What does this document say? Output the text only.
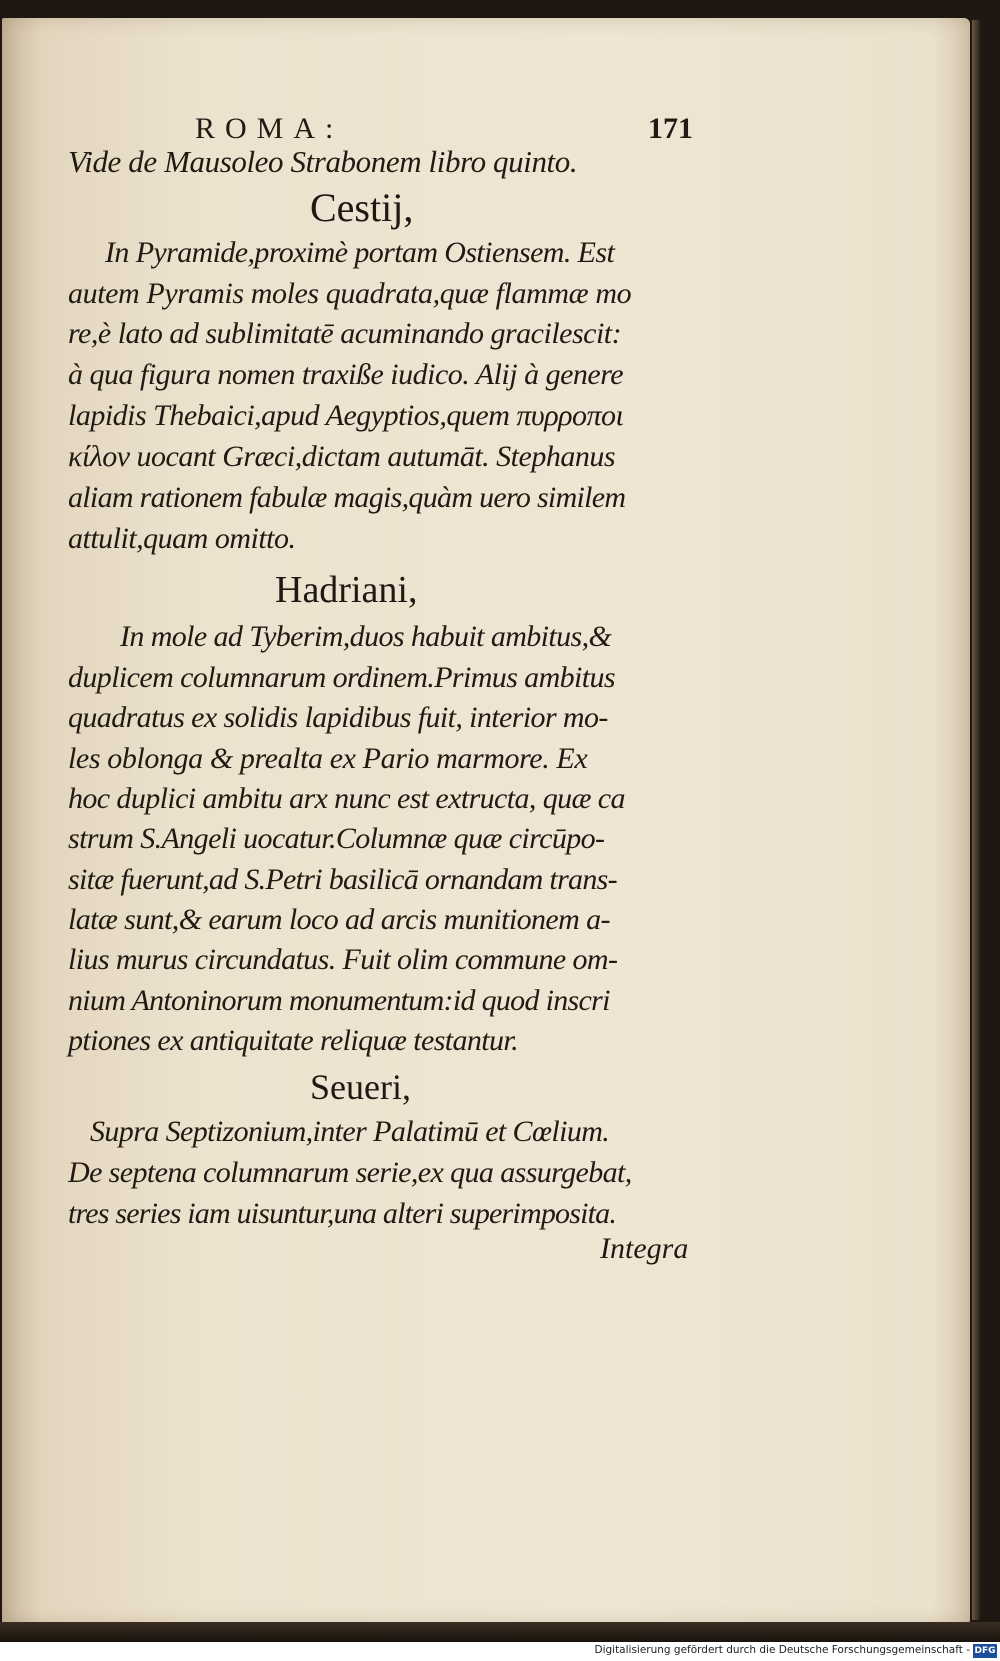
ROMA:	171
Vide de Mausoleo Strabonem libro quinto.
Cestij,
In Pyramide,proximè portam Ostiensem. Est
autem Pyramis moles quadrata,quæ flammæ mo
re,è lato ad sublimitatē acuminando gracilescit:
à qua figura nomen traxiße iudico. Alij à genere
lapidis Thebaici,apud Aegyptios,quem πυρροποι
κίλον uocant Græci,dictam autumāt. Stephanus
aliam rationem fabulæ magis,quàm uero similem
attulit,quam omitto.
Hadriani,
In mole ad Tyberim,duos habuit ambitus,&
duplicem columnarum ordinem.Primus ambitus
quadratus ex solidis lapidibus fuit, interior mo-
les oblonga & prealta ex Pario marmore. Ex
hoc duplici ambitu arx nunc est extructa, quæ ca
strum S.Angeli uocatur.Columnæ quæ circūpo-
sitæ fuerunt,ad S.Petri basilicā ornandam trans-
latæ sunt,& earum loco ad arcis munitionem a-
lius murus circundatus. Fuit olim commune om-
nium Antoninorum monumentum:id quod inscri
ptiones ex antiquitate reliquæ testantur.
Seueri,
Supra Septizonium,inter Palatimū et Cœlium.
De septena columnarum serie,ex qua assurgebat,
tres series iam uisuntur,una alteri superimposita.
Integra
Digitalisierung gefördert durch die Deutsche Forschungsgemeinschaft - DFG
